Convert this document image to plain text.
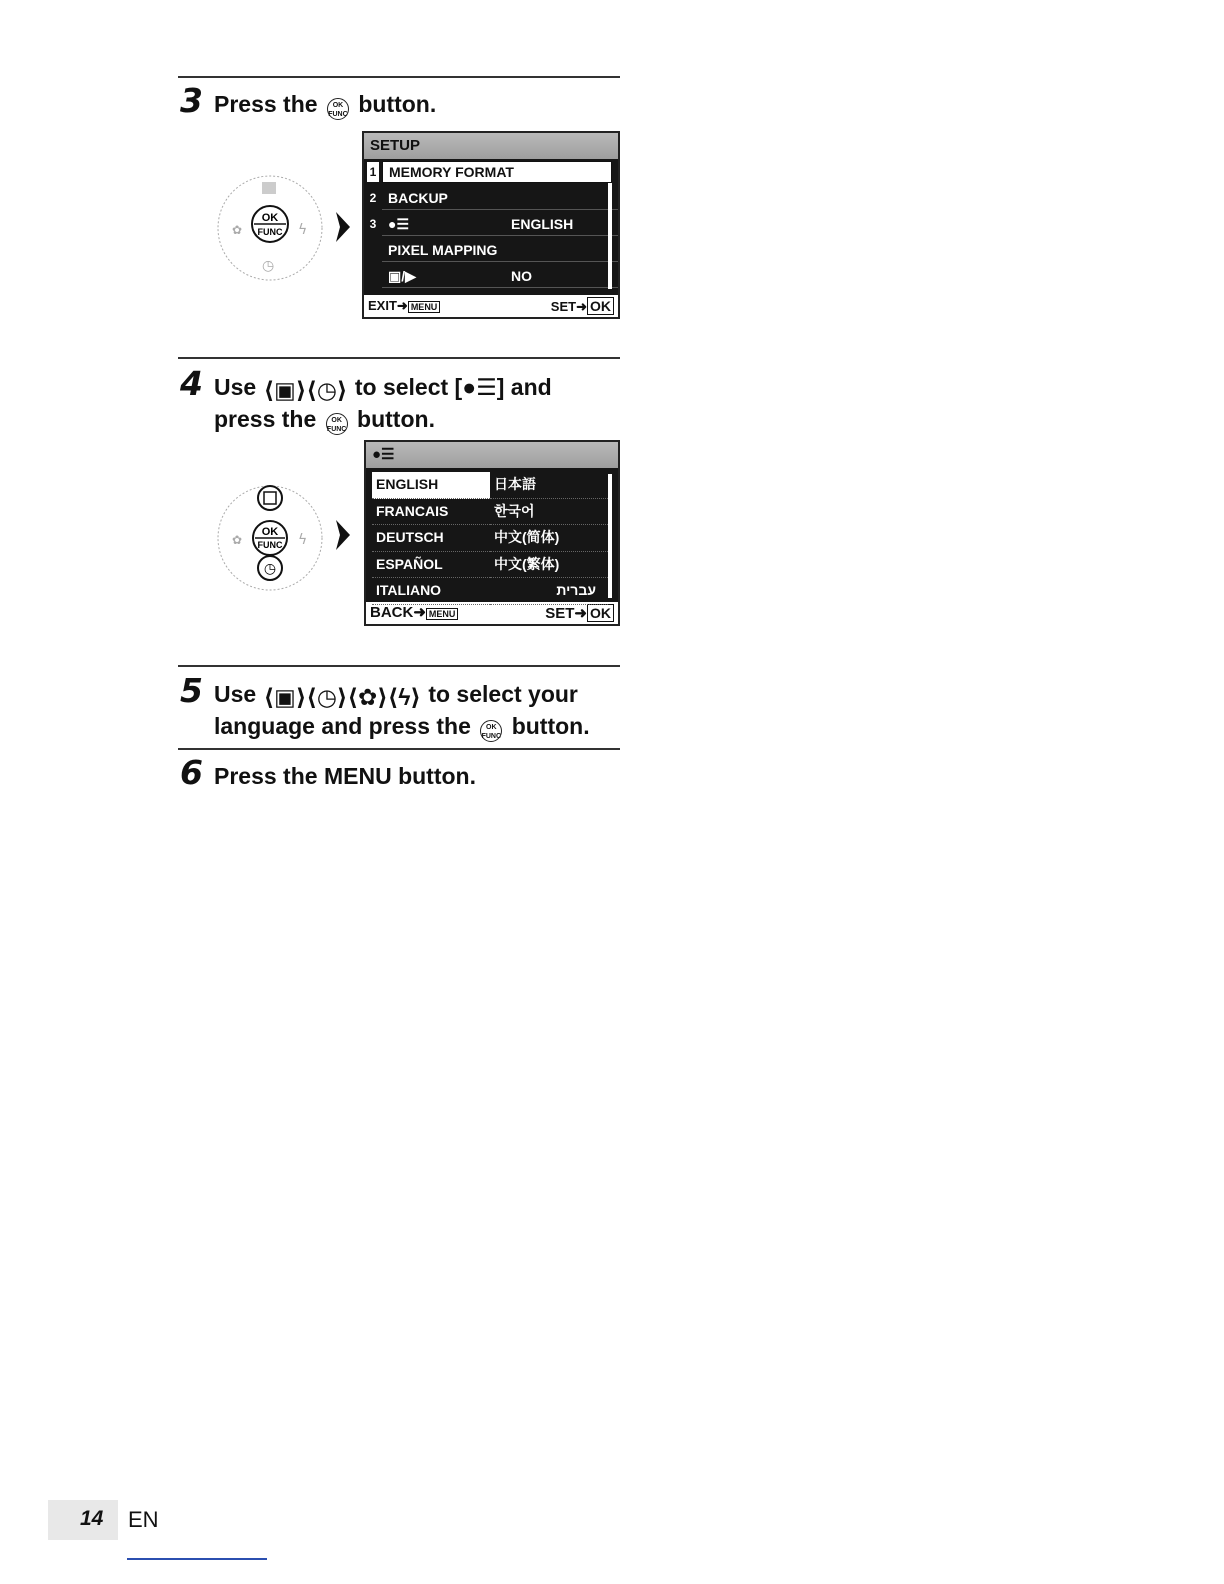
3 Press the	OK
FUNC button.
✿	ϟ
◷
OK
FUNC
SETUP
1 MEMORY FORMAT
2 BACKUP
3 ●☰	ENGLISH
PIXEL MAPPING
▣/▶	NO
EXIT➜ MENU	SET➜ OK
4 Use ⟨▣⟩⟨◷⟩ to select [●☰] and
press the	OK
FUNC button.
✿	ϟ
OK
FUNC
◷
●☰
ENGLISH	日本語
FRANCAIS	한국어
DEUTSCH	中文(简体)
ESPAÑOL	中文(繁体)
ITALIANO	עברית
BACK➜ MENU	SET➜ OK
5 Use ⟨▣⟩⟨◷⟩⟨✿⟩⟨ϟ⟩ to select your
language and press the	OK
FUNC button.
6 Press the MENU button.
14 EN
